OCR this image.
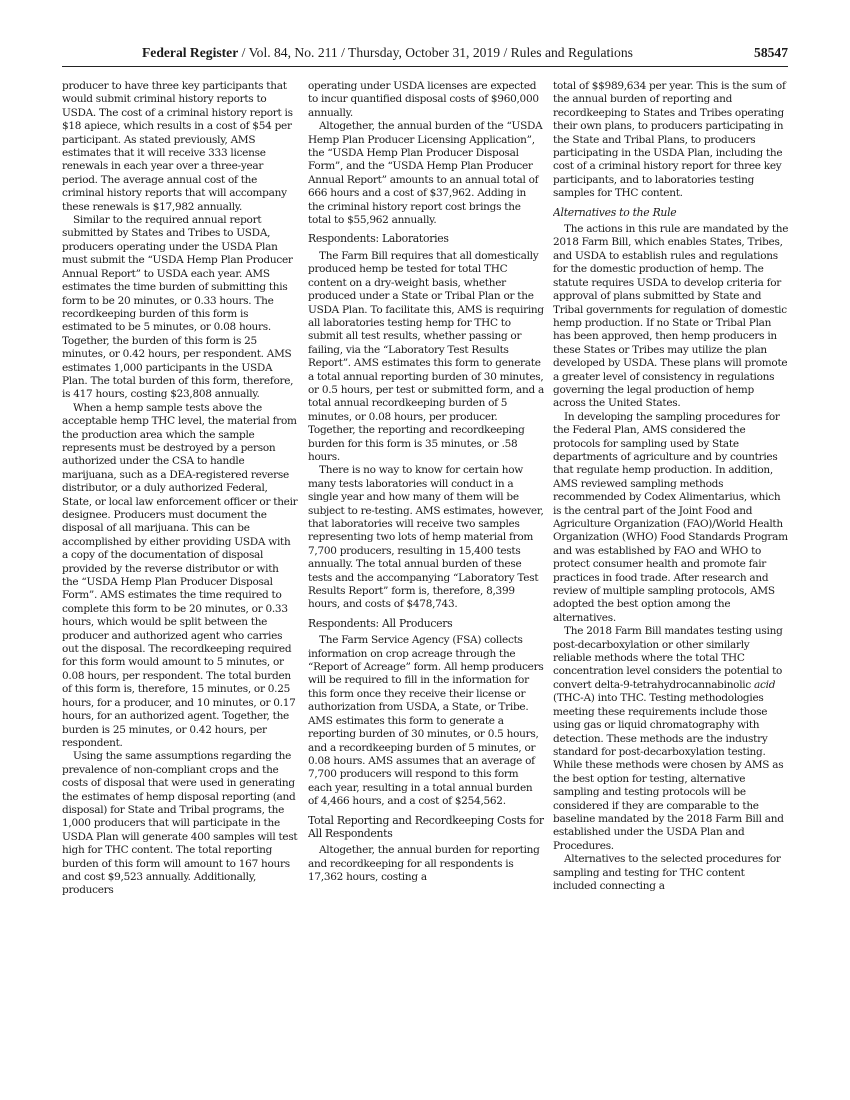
Federal Register / Vol. 84, No. 211 / Thursday, October 31, 2019 / Rules and Regulations	58547

producer to have three key participants that would submit criminal history reports to USDA. The cost of a criminal history report is $18 apiece, which results in a cost of $54 per participant. As stated previously, AMS estimates that it will receive 333 license renewals in each year over a three-year period. The average annual cost of the criminal history reports that will accompany these renewals is $17,982 annually.

Similar to the required annual report submitted by States and Tribes to USDA, producers operating under the USDA Plan must submit the “USDA Hemp Plan Producer Annual Report” to USDA each year. AMS estimates the time burden of submitting this form to be 20 minutes, or 0.33 hours. The recordkeeping burden of this form is estimated to be 5 minutes, or 0.08 hours. Together, the burden of this form is 25 minutes, or 0.42 hours, per respondent. AMS estimates 1,000 participants in the USDA Plan. The total burden of this form, therefore, is 417 hours, costing $23,808 annually.

When a hemp sample tests above the acceptable hemp THC level, the material from the production area which the sample represents must be destroyed by a person authorized under the CSA to handle marijuana, such as a DEA-registered reverse distributor, or a duly authorized Federal, State, or local law enforcement officer or their designee. Producers must document the disposal of all marijuana. This can be accomplished by either providing USDA with a copy of the documentation of disposal provided by the reverse distributor or with the “USDA Hemp Plan Producer Disposal Form”. AMS estimates the time required to complete this form to be 20 minutes, or 0.33 hours, which would be split between the producer and authorized agent who carries out the disposal. The recordkeeping required for this form would amount to 5 minutes, or 0.08 hours, per respondent. The total burden of this form is, therefore, 15 minutes, or 0.25 hours, for a producer, and 10 minutes, or 0.17 hours, for an authorized agent. Together, the burden is 25 minutes, or 0.42 hours, per respondent.

Using the same assumptions regarding the prevalence of non-compliant crops and the costs of disposal that were used in generating the estimates of hemp disposal reporting (and disposal) for State and Tribal programs, the 1,000 producers that will participate in the USDA Plan will generate 400 samples will test high for THC content. The total reporting burden of this form will amount to 167 hours and cost $9,523 annually. Additionally, producers

operating under USDA licenses are expected to incur quantified disposal costs of $960,000 annually.

Altogether, the annual burden of the “USDA Hemp Plan Producer Licensing Application”, the “USDA Hemp Plan Producer Disposal Form”, and the “USDA Hemp Plan Producer Annual Report” amounts to an annual total of 666 hours and a cost of $37,962. Adding in the criminal history report cost brings the total to $55,962 annually.

Respondents: Laboratories

The Farm Bill requires that all domestically produced hemp be tested for total THC content on a dry-weight basis, whether produced under a State or Tribal Plan or the USDA Plan. To facilitate this, AMS is requiring all laboratories testing hemp for THC to submit all test results, whether passing or failing, via the “Laboratory Test Results Report”. AMS estimates this form to generate a total annual reporting burden of 30 minutes, or 0.5 hours, per test or submitted form, and a total annual recordkeeping burden of 5 minutes, or 0.08 hours, per producer. Together, the reporting and recordkeeping burden for this form is 35 minutes, or .58 hours.

There is no way to know for certain how many tests laboratories will conduct in a single year and how many of them will be subject to re-testing. AMS estimates, however, that laboratories will receive two samples representing two lots of hemp material from 7,700 producers, resulting in 15,400 tests annually. The total annual burden of these tests and the accompanying “Laboratory Test Results Report” form is, therefore, 8,399 hours, and costs of $478,743.

Respondents: All Producers

The Farm Service Agency (FSA) collects information on crop acreage through the “Report of Acreage” form. All hemp producers will be required to fill in the information for this form once they receive their license or authorization from USDA, a State, or Tribe. AMS estimates this form to generate a reporting burden of 30 minutes, or 0.5 hours, and a recordkeeping burden of 5 minutes, or 0.08 hours. AMS assumes that an average of 7,700 producers will respond to this form each year, resulting in a total annual burden of 4,466 hours, and a cost of $254,562.

Total Reporting and Recordkeeping Costs for All Respondents

Altogether, the annual burden for reporting and recordkeeping for all respondents is 17,362 hours, costing a

total of $$989,634 per year. This is the sum of the annual burden of reporting and recordkeeping to States and Tribes operating their own plans, to producers participating in the State and Tribal Plans, to producers participating in the USDA Plan, including the cost of a criminal history report for three key participants, and to laboratories testing samples for THC content.

Alternatives to the Rule

The actions in this rule are mandated by the 2018 Farm Bill, which enables States, Tribes, and USDA to establish rules and regulations for the domestic production of hemp. The statute requires USDA to develop criteria for approval of plans submitted by State and Tribal governments for regulation of domestic hemp production. If no State or Tribal Plan has been approved, then hemp producers in these States or Tribes may utilize the plan developed by USDA. These plans will promote a greater level of consistency in regulations governing the legal production of hemp across the United States.

In developing the sampling procedures for the Federal Plan, AMS considered the protocols for sampling used by State departments of agriculture and by countries that regulate hemp production. In addition, AMS reviewed sampling methods recommended by Codex Alimentarius, which is the central part of the Joint Food and Agriculture Organization (FAO)/World Health Organization (WHO) Food Standards Program and was established by FAO and WHO to protect consumer health and promote fair practices in food trade. After research and review of multiple sampling protocols, AMS adopted the best option among the alternatives.

The 2018 Farm Bill mandates testing using post-decarboxylation or other similarly reliable methods where the total THC concentration level considers the potential to convert delta-9-tetrahydrocannabinolic acid (THC-A) into THC. Testing methodologies meeting these requirements include those using gas or liquid chromatography with detection. These methods are the industry standard for post-decarboxylation testing. While these methods were chosen by AMS as the best option for testing, alternative sampling and testing protocols will be considered if they are comparable to the baseline mandated by the 2018 Farm Bill and established under the USDA Plan and Procedures.

Alternatives to the selected procedures for sampling and testing for THC content included connecting a
